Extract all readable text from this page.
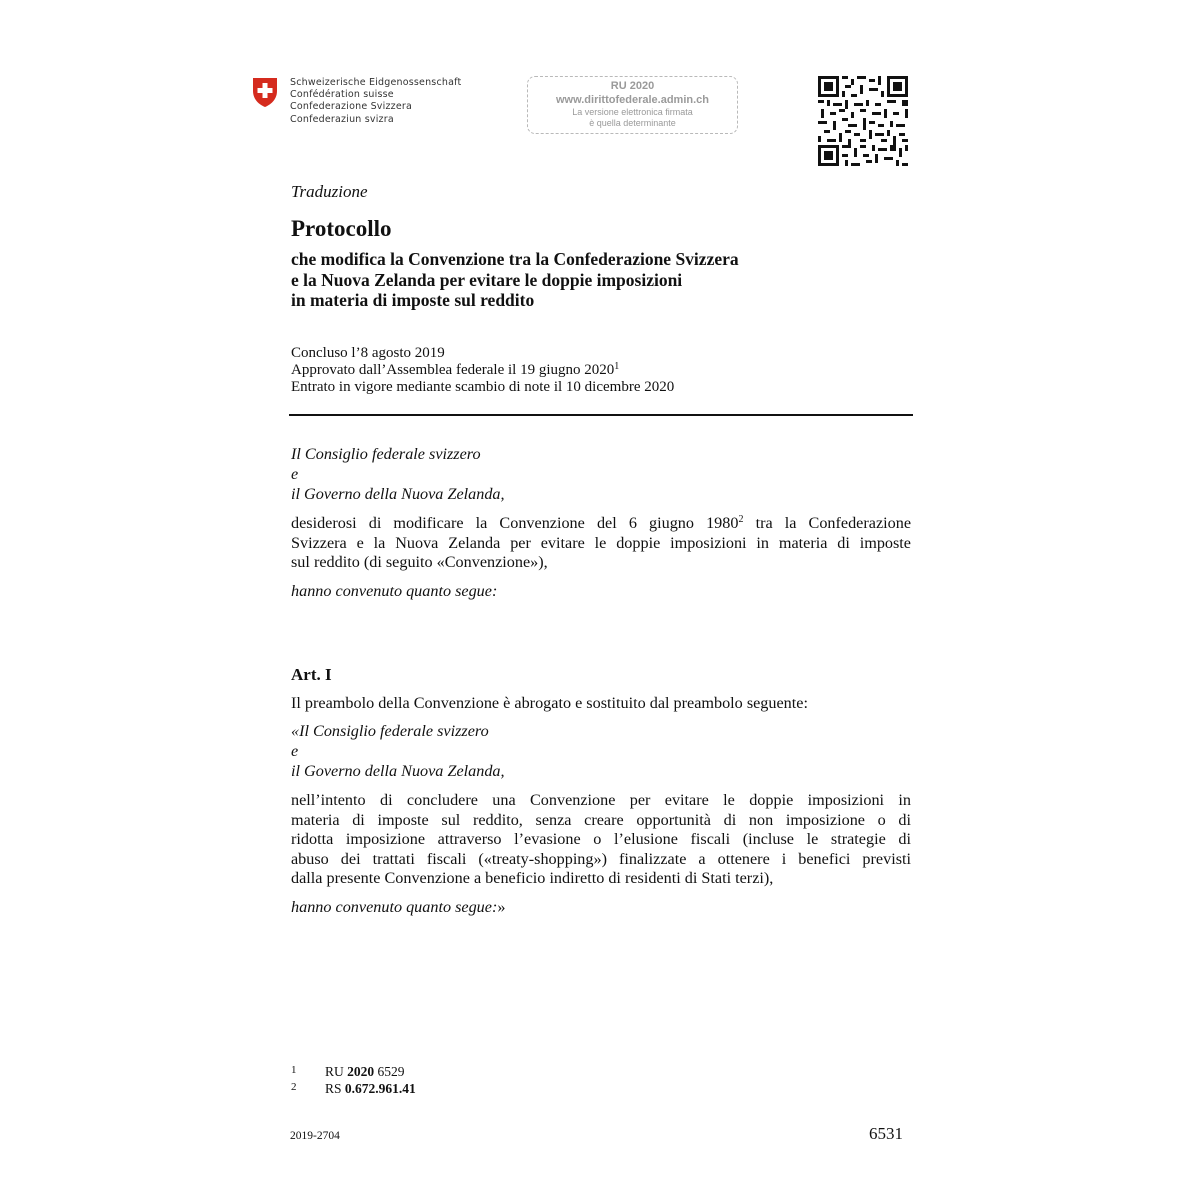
Schweizerische Eidgenossenschaft
Confédération suisse
Confederazione Svizzera
Confederaziun svizra
RU 2020
www.dirittofederale.admin.ch
La versione elettronica firmata
è quella determinante
Traduzione
Protocollo
che modifica la Convenzione tra la Confederazione Svizzera
e la Nuova Zelanda per evitare le doppie imposizioni
in materia di imposte sul reddito
Concluso l’8 agosto 2019
Approvato dall’Assemblea federale il 19 giugno 2020$^1$
Entrato in vigore mediante scambio di note il 10 dicembre 2020
Il Consiglio federale svizzero
e
il Governo della Nuova Zelanda,
desiderosi di modificare la Convenzione del 6 giugno 1980$^2$ tra la Confederazione
Svizzera e la Nuova Zelanda per evitare le doppie imposizioni in materia di imposte
sul reddito (di seguito «Convenzione»),
hanno convenuto quanto segue:
Art. I
Il preambolo della Convenzione è abrogato e sostituito dal preambolo seguente:
«Il Consiglio federale svizzero
e
il Governo della Nuova Zelanda,
nell’intento di concludere una Convenzione per evitare le doppie imposizioni in
materia di imposte sul reddito, senza creare opportunità di non imposizione o di
ridotta imposizione attraverso l’evasione o l’elusione fiscali (incluse le strategie di
abuso dei trattati fiscali («treaty-shopping») finalizzate a ottenere i benefici previsti
dalla presente Convenzione a beneficio indiretto di residenti di Stati terzi),
hanno convenuto quanto segue:»
1 RU 2020 6529
2 RS 0.672.961.41
2019-2704	6531
